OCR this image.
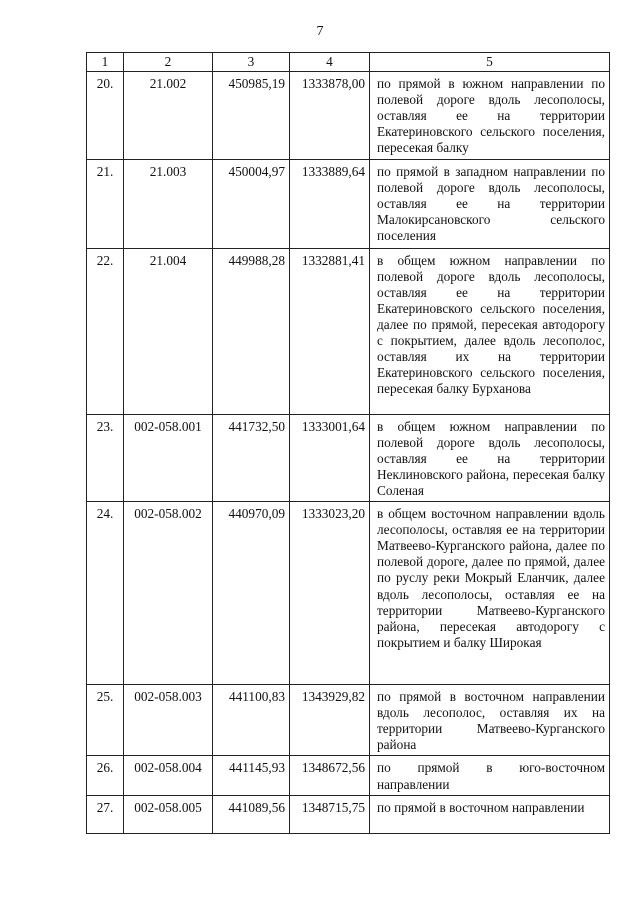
7
1	2	3	4	5
20.	21.002	450985,19	1333878,00	по прямой в южном направлении по полевой дороге вдоль лесополосы, оставляя ее на территории Екатериновского сельского поселения, пересекая балку
21.	21.003	450004,97	1333889,64	по прямой в западном направлении по полевой дороге вдоль лесополосы, оставляя ее на территории Малокирсановского сельского поселения
22.	21.004	449988,28	1332881,41	в общем южном направлении по полевой дороге вдоль лесополосы, оставляя ее на территории Екатериновского сельского поселения, далее по прямой, пересекая автодорогу с покрытием, далее вдоль лесополос, оставляя их на территории Екатериновского сельского поселения, пересекая балку Бурханова
23.	002-058.001	441732,50	1333001,64	в общем южном направлении по полевой дороге вдоль лесополосы, оставляя ее на территории Неклиновского района, пересекая балку Соленая
24.	002-058.002	440970,09	1333023,20	в общем восточном направлении вдоль лесополосы, оставляя ее на территории Матвеево-Курганского района, далее по полевой дороге, далее по прямой, далее по руслу реки Мокрый Еланчик, далее вдоль лесополосы, оставляя ее на территории Матвеево-Курганского района, пересекая автодорогу с покрытием и балку Широкая
25.	002-058.003	441100,83	1343929,82	по прямой в восточном направлении вдоль лесополос, оставляя их на территории Матвеево-Курганского района
26.	002-058.004	441145,93	1348672,56	по прямой в юго-восточном направлении
27.	002-058.005	441089,56	1348715,75	по прямой в восточном направлении
